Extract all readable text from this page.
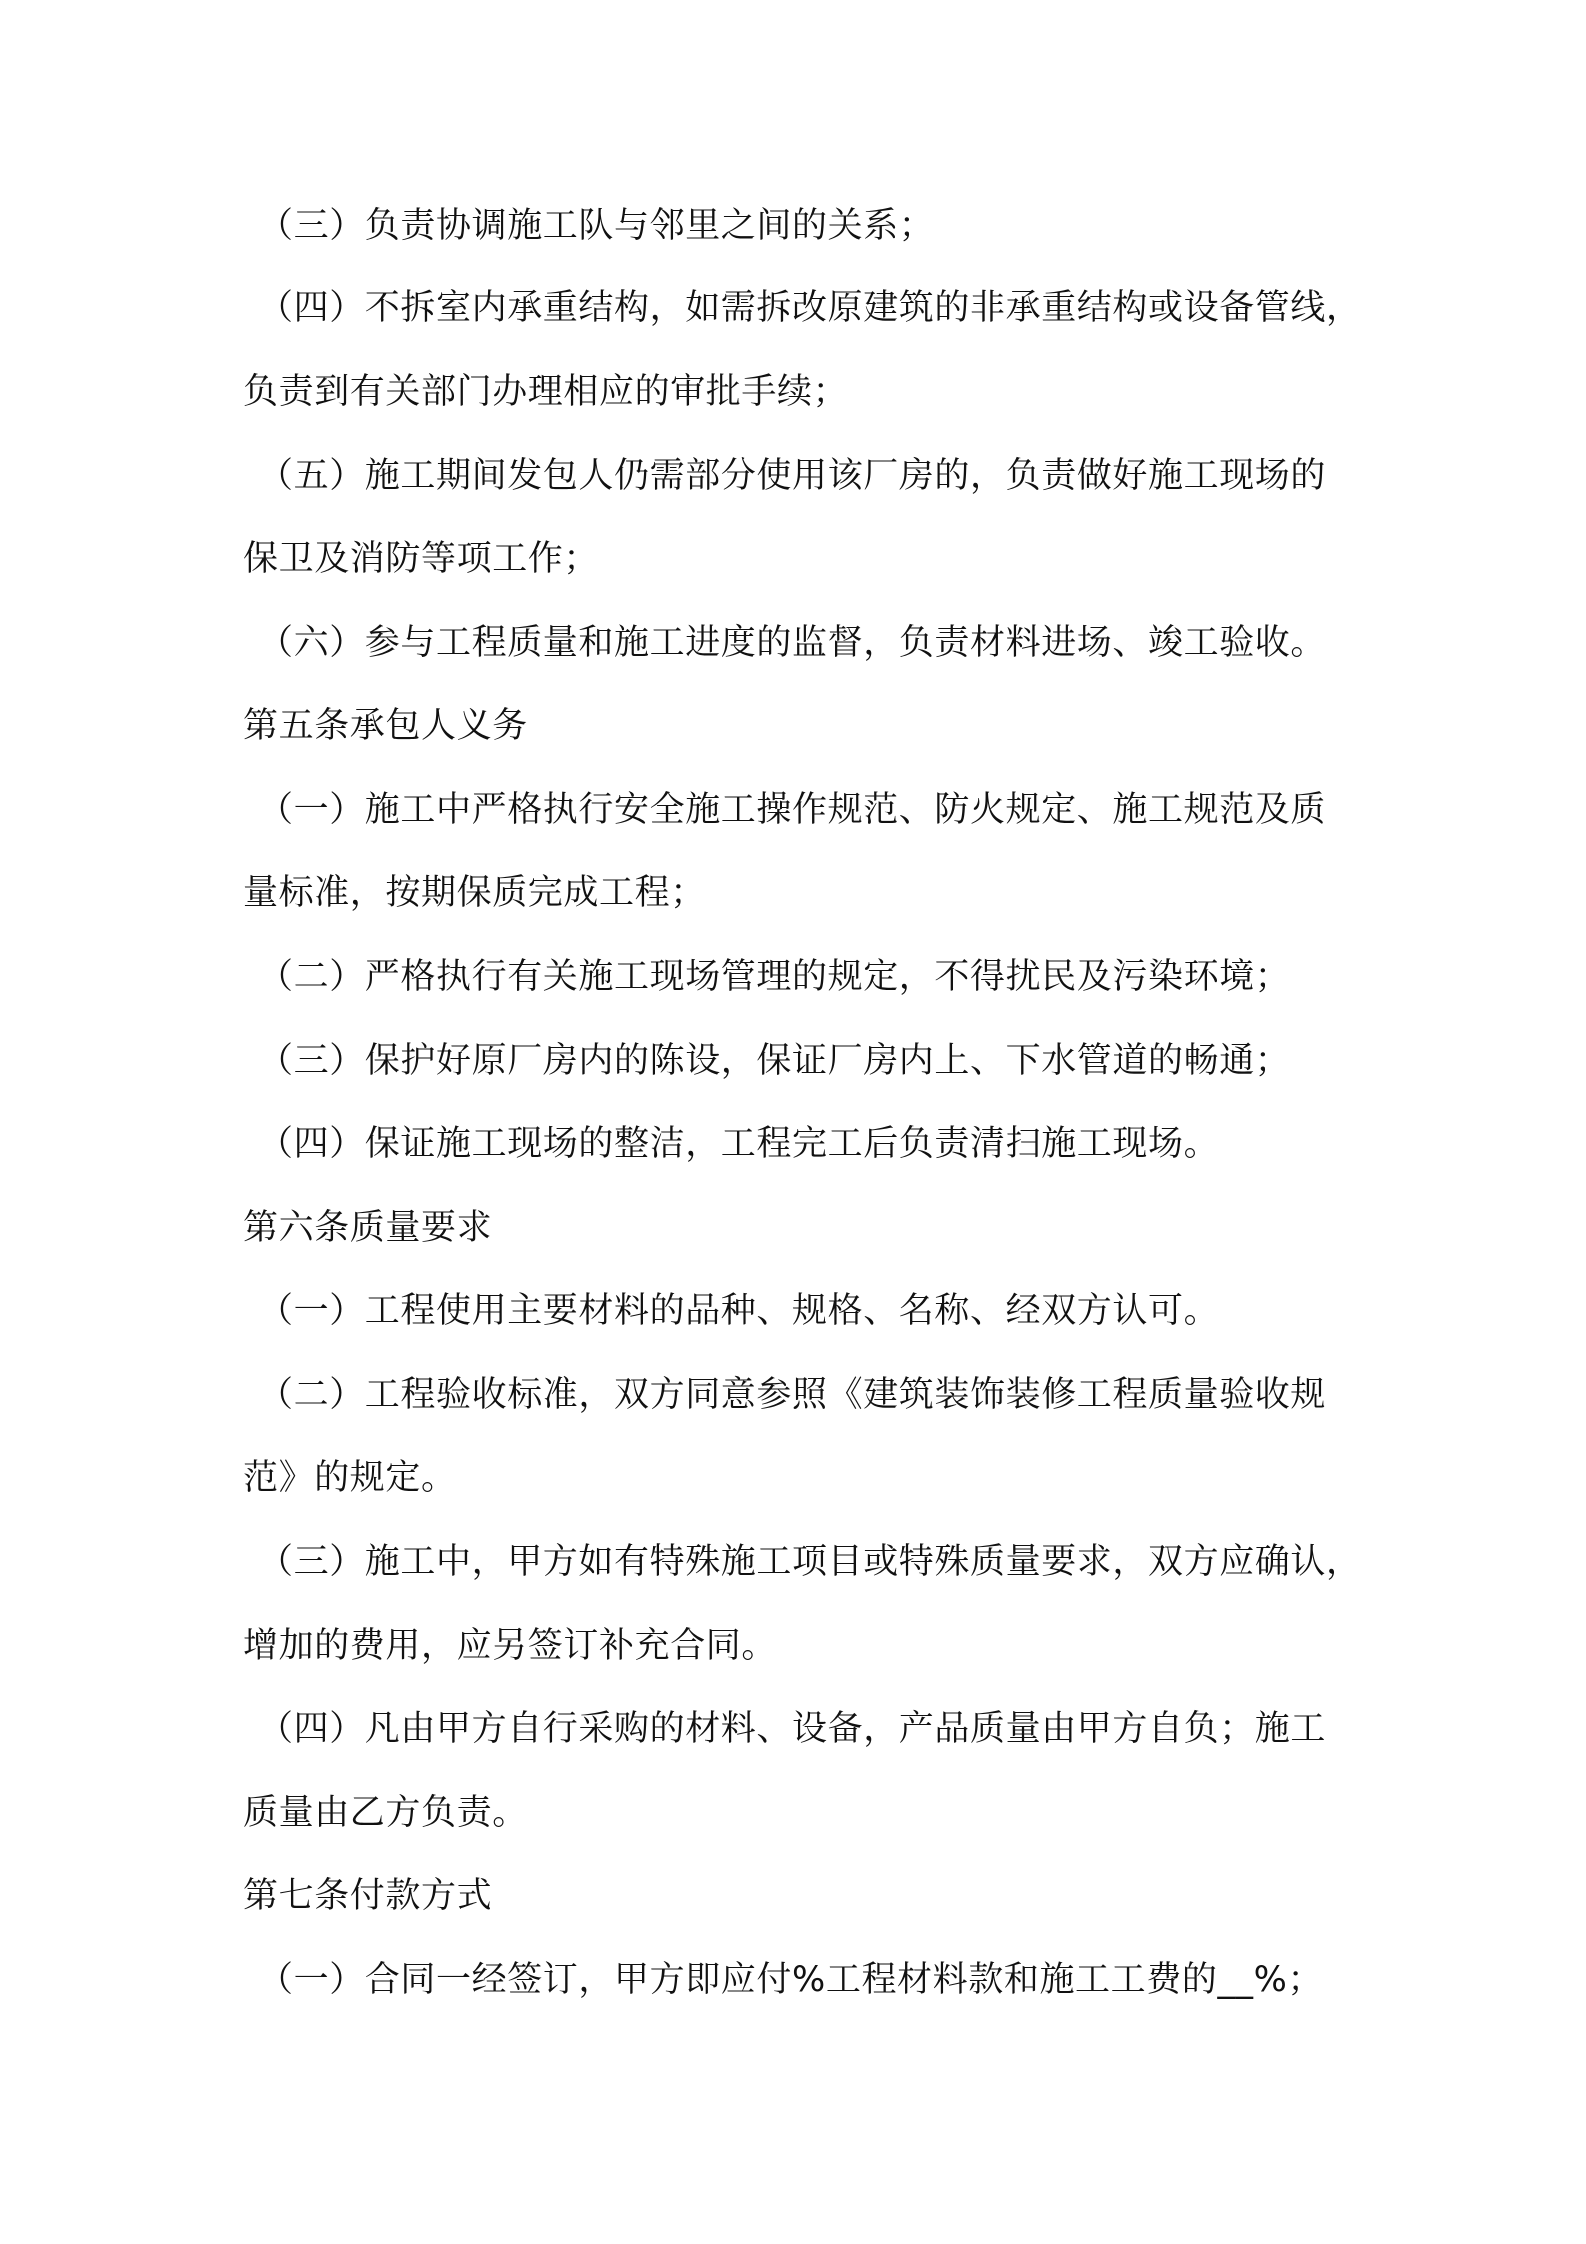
（三）负责协调施工队与邻里之间的关系；
（四）不拆室内承重结构，如需拆改原建筑的非承重结构或设备管线，
负责到有关部门办理相应的审批手续；
（五）施工期间发包人仍需部分使用该厂房的，负责做好施工现场的
保卫及消防等项工作；
（六）参与工程质量和施工进度的监督，负责材料进场、竣工验收。
第五条承包人义务
（一）施工中严格执行安全施工操作规范、防火规定、施工规范及质
量标准，按期保质完成工程；
（二）严格执行有关施工现场管理的规定，不得扰民及污染环境；
（三）保护好原厂房内的陈设，保证厂房内上、下水管道的畅通；
（四）保证施工现场的整洁，工程完工后负责清扫施工现场。
第六条质量要求
（一）工程使用主要材料的品种、规格、名称、经双方认可。
（二）工程验收标准，双方同意参照《建筑装饰装修工程质量验收规
范》的规定。
（三）施工中，甲方如有特殊施工项目或特殊质量要求，双方应确认，
增加的费用，应另签订补充合同。
（四）凡由甲方自行采购的材料、设备，产品质量由甲方自负；施工
质量由乙方负责。
第七条付款方式
（一）合同一经签订，甲方即应付%工程材料款和施工工费的__%；
